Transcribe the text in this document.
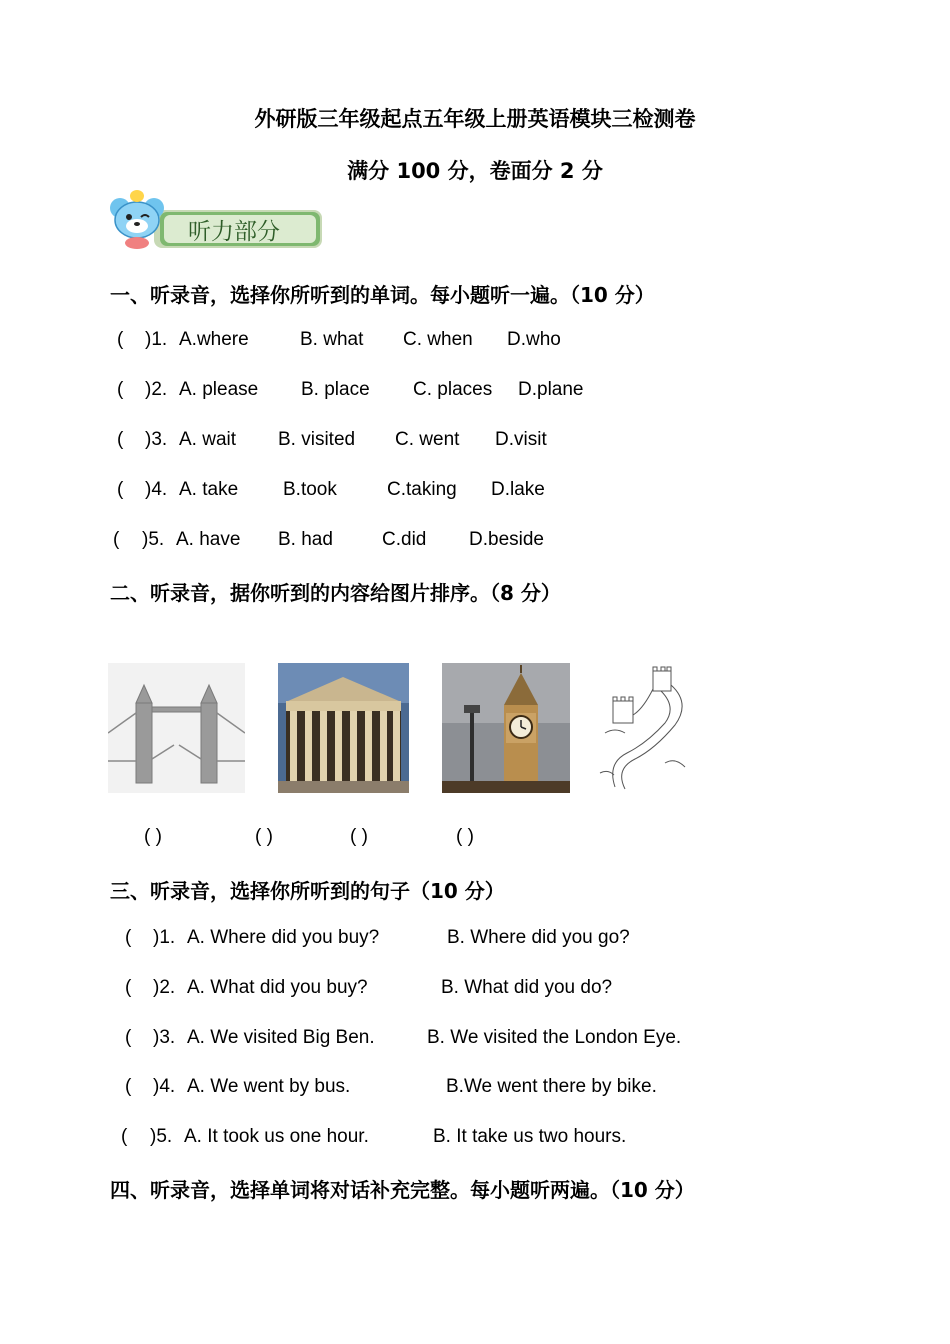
外研版三年级起点五年级上册英语模块三检测卷
满分 100 分，卷面分 2 分
听力部分
一、听录音，选择你所听到的单词。每小题听一遍。（10 分）
( )1. A.where	B. what C. when D.who
( )2. A. please B. place C. places D.plane
( )3. A. wait B. visited C. went D.visit
( )4. A. take B.took	C.taking D.lake
( )5. A. have B. had	C.did D.beside
二、听录音，据你听到的内容给图片排序。（8 分）
( )	( )	( )	( )
三、听录音，选择你所听到的句子（10 分）
( )1. A. Where did you buy?	B. Where did you go?
( )2. A. What did you buy?	B. What did you do?
( )3. A. We visited Big Ben.	B. We visited the London Eye.
( )4. A. We went by bus.	B.We went there by bike.
( )5. A. It took us one hour.	B. It take us two hours.
四、听录音，选择单词将对话补充完整。每小题听两遍。（10 分）
